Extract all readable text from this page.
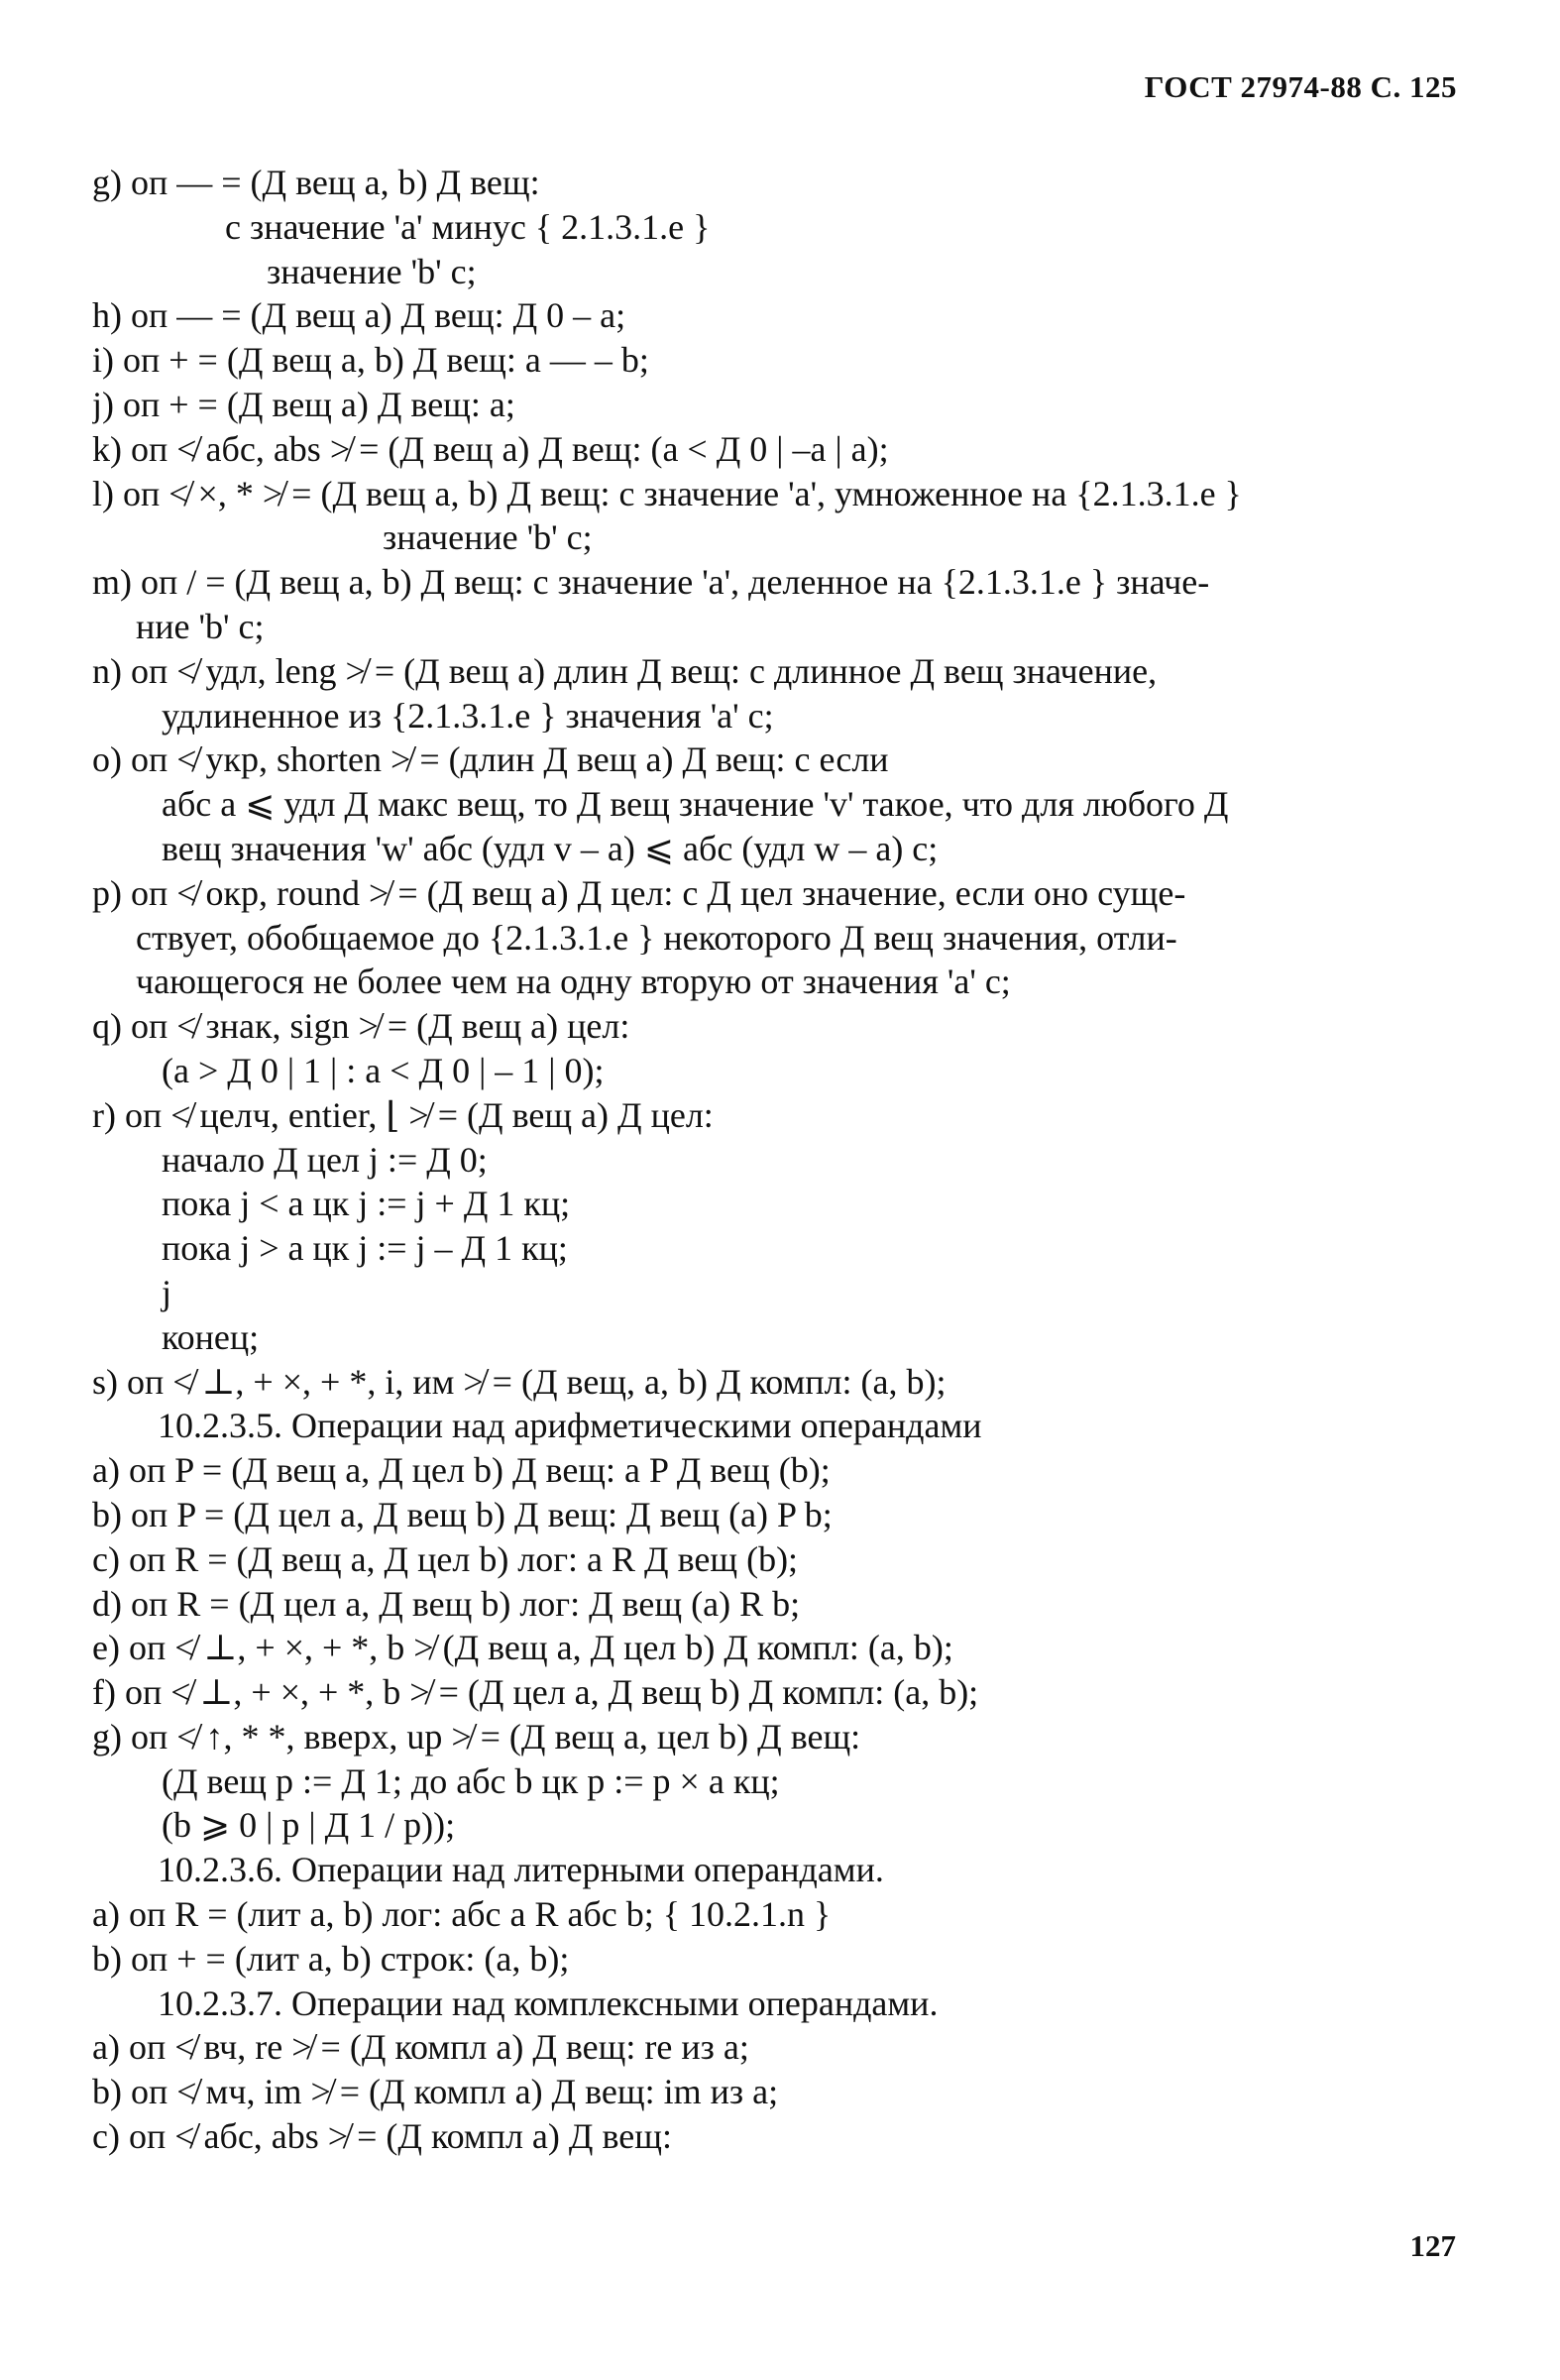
ГОСТ 27974-88 С. 125
g) оп — = (Д вещ a, b) Д вещ:
с значение 'a' минус { 2.1.3.1.e }
значение 'b' с;
h) оп — = (Д вещ a) Д вещ: Д 0 – a;
i) оп + = (Д вещ a, b) Д вещ: a — – b;
j) оп + = (Д вещ a) Д вещ: a;
k) оп ≮ абс, abs ≯ = (Д вещ a) Д вещ: (a < Д 0 | –a | a);
l) оп ≮ ×, * ≯ = (Д вещ a, b) Д вещ: с значение 'a', умноженное на {2.1.3.1.e }
значение 'b' с;
m) оп / = (Д вещ a, b) Д вещ: с значение 'a', деленное на {2.1.3.1.e } значе-
ние 'b' с;
n) оп ≮ удл, leng ≯ = (Д вещ a) длин Д вещ: с длинное Д вещ значение,
удлиненное из {2.1.3.1.e } значения 'a' с;
o) оп ≮ укр, shorten ≯ = (длин Д вещ a) Д вещ: с если
абс a ⩽ удл Д макс вещ, то Д вещ значение 'v' такое, что для любого Д
вещ значения 'w' абс (удл v – a) ⩽ абс (удл w – a) с;
p) оп ≮ окр, round ≯ = (Д вещ a) Д цел: с Д цел значение, если оно суще-
ствует, обобщаемое до {2.1.3.1.e } некоторого Д вещ значения, отли-
чающегося не более чем на одну вторую от значения 'a' с;
q) оп ≮ знак, sign ≯ = (Д вещ a) цел:
(a > Д 0 | 1 | : a < Д 0 | – 1 | 0);
r) оп ≮ целч, entier, ⌊ ≯ = (Д вещ a) Д цел:
начало Д цел j := Д 0;
пока j < a цк j := j + Д 1 кц;
пока j > a цк j := j – Д 1 кц;
j
конец;
s) оп ≮ ⊥, + ×, + *, i, им ≯ = (Д вещ, a, b) Д компл: (a, b);
10.2.3.5. Операции над арифметическими операндами
a) оп P = (Д вещ a, Д цел b) Д вещ: a P Д вещ (b);
b) оп P = (Д цел a, Д вещ b) Д вещ: Д вещ (a) P b;
c) оп R = (Д вещ a, Д цел b) лог: a R Д вещ (b);
d) оп R = (Д цел a, Д вещ b) лог: Д вещ (a) R b;
e) оп ≮ ⊥, + ×, + *, b ≯ (Д вещ a, Д цел b) Д компл: (a, b);
f) оп ≮ ⊥, + ×, + *, b ≯ = (Д цел a, Д вещ b) Д компл: (a, b);
g) оп ≮ ↑, * *, вверх, up ≯ = (Д вещ a, цел b) Д вещ:
(Д вещ p := Д 1; до абс b цк p := p × a кц;
(b ⩾ 0 | p | Д 1 / p));
10.2.3.6. Операции над литерными операндами.
a) оп R = (лит a, b) лог: абс a R абс b; { 10.2.1.n }
b) оп + = (лит a, b) строк: (a, b);
10.2.3.7. Операции над комплексными операндами.
a) оп ≮ вч, re ≯ = (Д компл a) Д вещ: re из a;
b) оп ≮ мч, im ≯ = (Д компл a) Д вещ: im из a;
c) оп ≮ абс, abs ≯ = (Д компл a) Д вещ:
127
